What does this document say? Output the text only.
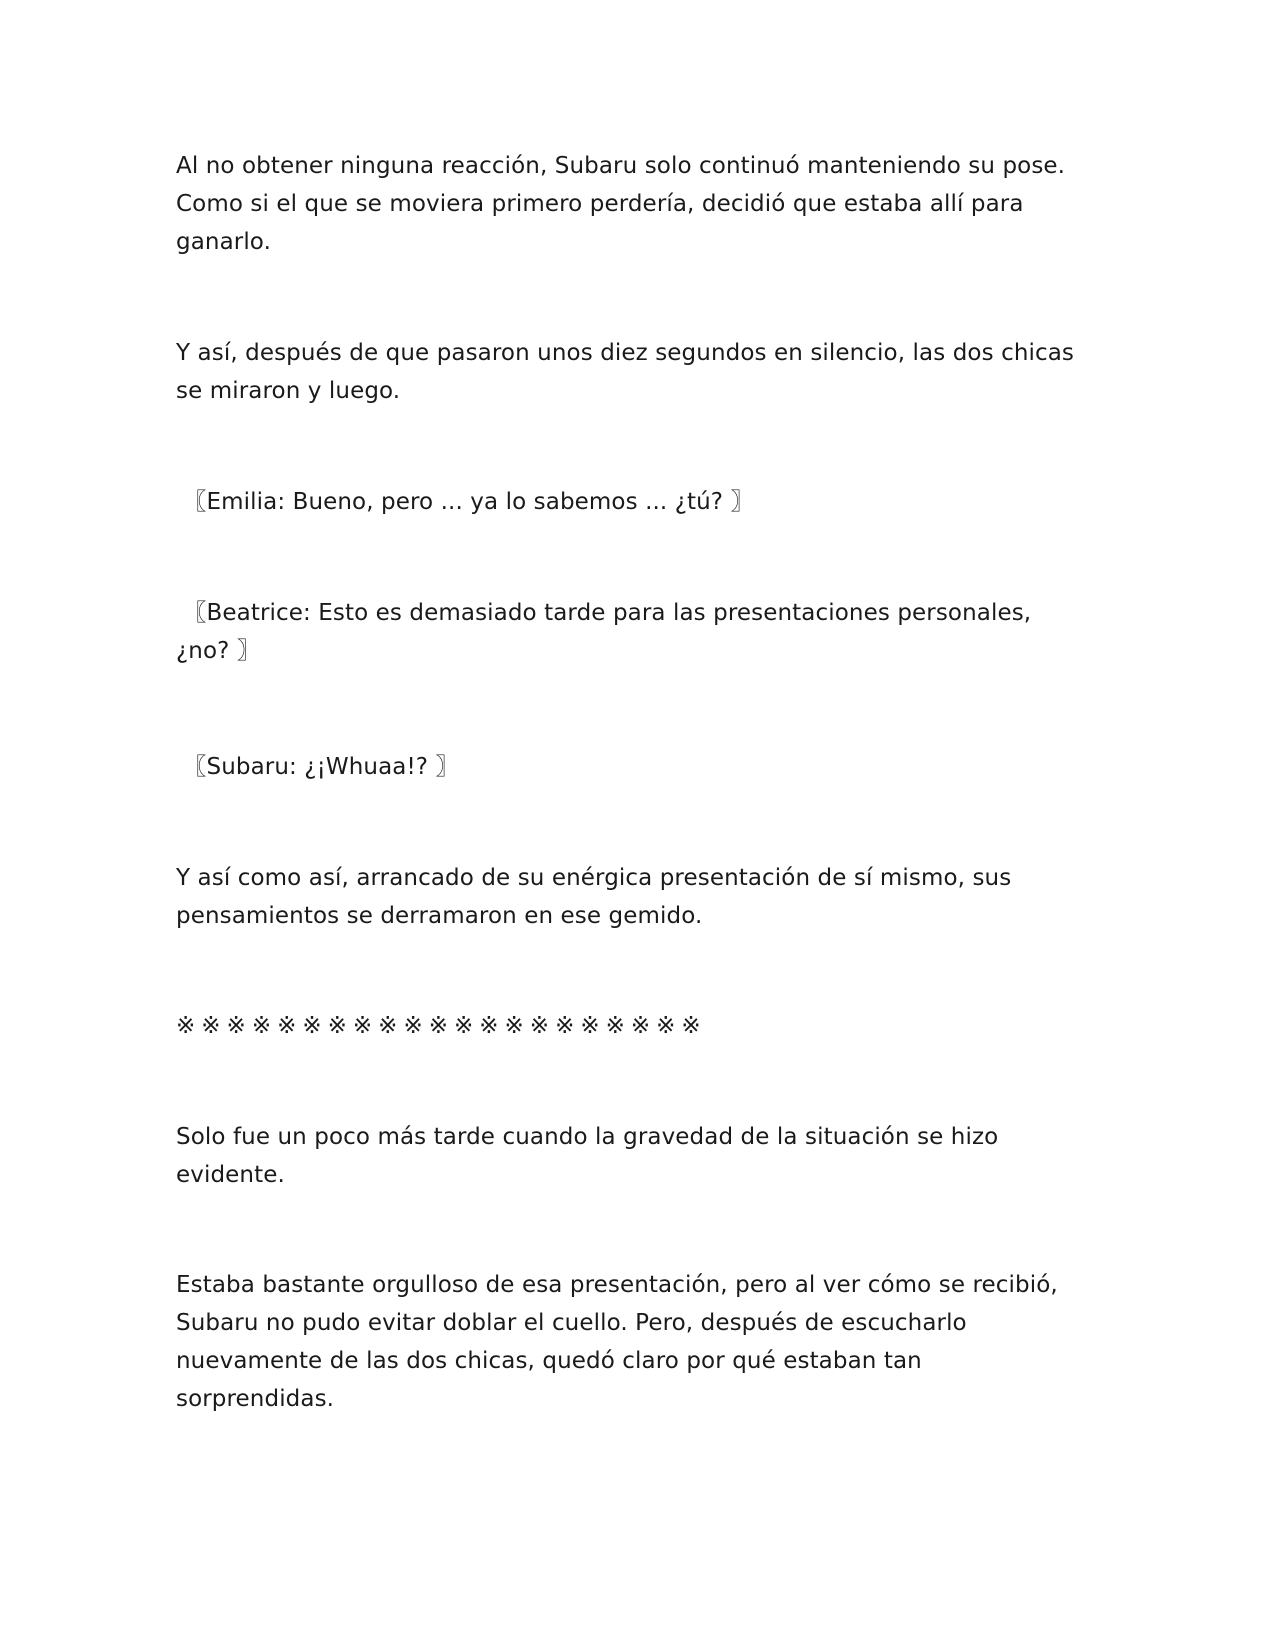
Al no obtener ninguna reacción, Subaru solo continuó manteniendo su pose.
Como si el que se moviera primero perdería, decidió que estaba allí para
ganarlo.

Y así, después de que pasaron unos diez segundos en silencio, las dos chicas
se miraron y luego.

〖Emilia: Bueno, pero ... ya lo sabemos ... ¿tú? 〗

〖Beatrice: Esto es demasiado tarde para las presentaciones personales,
¿no? 〗

〖Subaru: ¿¡Whuaa!? 〗

Y así como así, arrancado de su enérgica presentación de sí mismo, sus
pensamientos se derramaron en ese gemido.

※※※※※※※※※※※※※※※※※※※※※

Solo fue un poco más tarde cuando la gravedad de la situación se hizo
evidente.

Estaba bastante orgulloso de esa presentación, pero al ver cómo se recibió,
Subaru no pudo evitar doblar el cuello. Pero, después de escucharlo
nuevamente de las dos chicas, quedó claro por qué estaban tan
sorprendidas.
